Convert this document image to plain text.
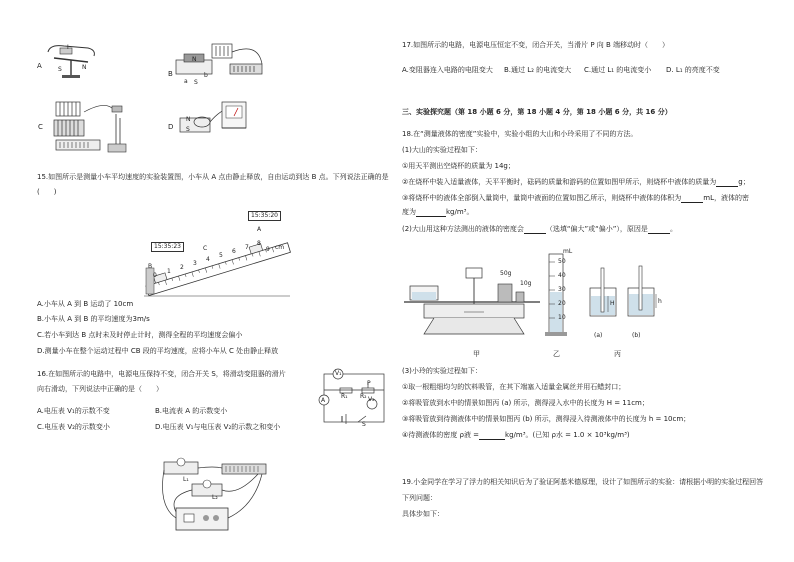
A
I
S	N
B
N
S
a
b
C	D
N
S
15.如图所示是测量小车平均速度的实验装置图，小车从 A 点由静止释放，自由运动到达 B 点。下列说法正确的是
(　　)
0
1
2
3
4
5
6
7
8
9 cm
15:35:20
15:35:23
A
B
C
A.小车从 A 到 B 运动了 10cm
B.小车从 A 到 B 的平均速度为3m/s
C.若小车到达 B 点时未及时停止计时，测得全程的平均速度会偏小
D.测量小车在整个运动过程中 CB 段的平均速度，应将小车从 C 处由静止释放
16.在如图所示的电路中，电源电压保持不变，闭合开关 S，将滑动变阻器的滑片
向右滑动，下列说法中正确的是（　　）
A.电压表 V₁的示数不变	B.电流表 A 的示数变小
C.电压表 V₂的示数变小	D.电压表 V₁与电压表 V₂的示数之和变小
V₁
A
R₁
P
V₂
R₂
S
L₁
L₂
17.如图所示的电路，电源电压恒定不变，闭合开关，当滑片 P 向 B 端移动时（　　）
A.变阻器连入电路的电阻变大 B.通过 L₂ 的电流变大 C.通过 L₁ 的电流变小 D. L₁ 的亮度不变
三、实验探究题（第 18 小题 6 分，第 18 小题 4 分，第 18 小题 6 分，共 16 分）
18.在“测量液体的密度”实验中，实验小组的大山和小玲采用了不同的方法。
(1)大山的实验过程如下：
①用天平测出空烧杯的质量为 14g；
②在烧杯中装入适量液体，天平平衡时，砝码的质量和游码的位置如图甲所示，则烧杯中液体的质量为	g；
③将烧杯中的液体全部倒入量筒中，量筒中液面的位置如图乙所示，则烧杯中液体的体积为	mL，液体的密
度为	kg/m³。
(2)大山用这种方法测出的液体的密度会	（选填“偏大”或“偏小”），原因是	。
50g
10g
甲
mL
50
40
30
20
10
乙
H	h
(a)	(b)
丙
(3)小玲的实验过程如下：
①取一根粗细均匀的饮料吸管，在其下端塞入适量金属丝并用石蜡封口；
②将吸管放到水中的情景如图丙 (a) 所示，测得浸入水中的长度为 H = 11cm；
③将吸管放到待测液体中的情景如图丙 (b) 所示，测得浸入待测液体中的长度为 h = 10cm；
④待测液体的密度 ρ液 =	kg/m³。(已知 ρ水 = 1.0 × 10³kg/m³)
19.小金同学在学习了浮力的相关知识后为了验证阿基米德原理，设计了如图所示的实验：请根据小明的实验过程回答
下列问题：
具体步如下：
